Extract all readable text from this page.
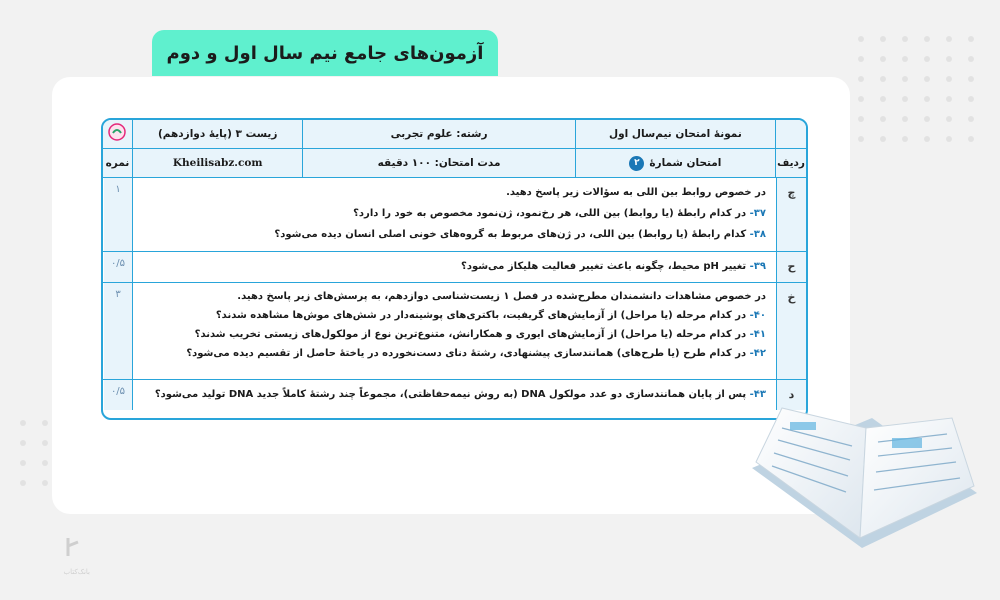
آزمون‌های جامع نیم سال اول و دوم
نمونهٔ امتحان نیم‌سال اول
رشته: علوم تجربی
زیست ۳ (پایهٔ دوازدهم)
ردیف
امتحان شمارهٔ
۲
مدت امتحان: ۱۰۰ دقیقه
Kheilisabz.com
نمره
چ
در خصوص روابط بین اللی به سؤالات زیر پاسخ دهید.
۳۷- در کدام رابطهٔ (یا روابط) بین اللی، هر رخ‌نمود، ژن‌نمود مخصوص به خود را دارد؟
۳۸- کدام رابطهٔ (یا روابط) بین اللی، در ژن‌های مربوط به گروه‌های خونی اصلی انسان دیده می‌شود؟
۱
ح
۳۹- تغییر pH محیط، چگونه باعث تغییر فعالیت هلیکاز می‌شود؟
۰/۵
خ
در خصوص مشاهدات دانشمندان مطرح‌شده در فصل ۱ زیست‌شناسی دوازدهم، به پرسش‌های زیر پاسخ دهید.
۴۰- در کدام مرحله (یا مراحل) از آزمایش‌های گریفیت، باکتری‌های پوشینه‌دار در شش‌های موش‌ها مشاهده شدند؟
۴۱- در کدام مرحله (یا مراحل) از آزمایش‌های ایوری و همکارانش، متنوع‌ترین نوع از مولکول‌های زیستی تخریب شدند؟
۴۲- در کدام طرح (یا طرح‌های) همانندسازی پیشنهادی، رشتهٔ دنای دست‌نخورده در یاختهٔ حاصل از تقسیم دیده می‌شود؟
۳
د
۴۳- پس از پایان همانندسازی دو عدد مولکول DNA (به روش نیمه‌حفاظتی)، مجموعاً چند رشتهٔ کاملاً جدید DNA تولید می‌شود؟
۰/۵
بانک‌کتاب
